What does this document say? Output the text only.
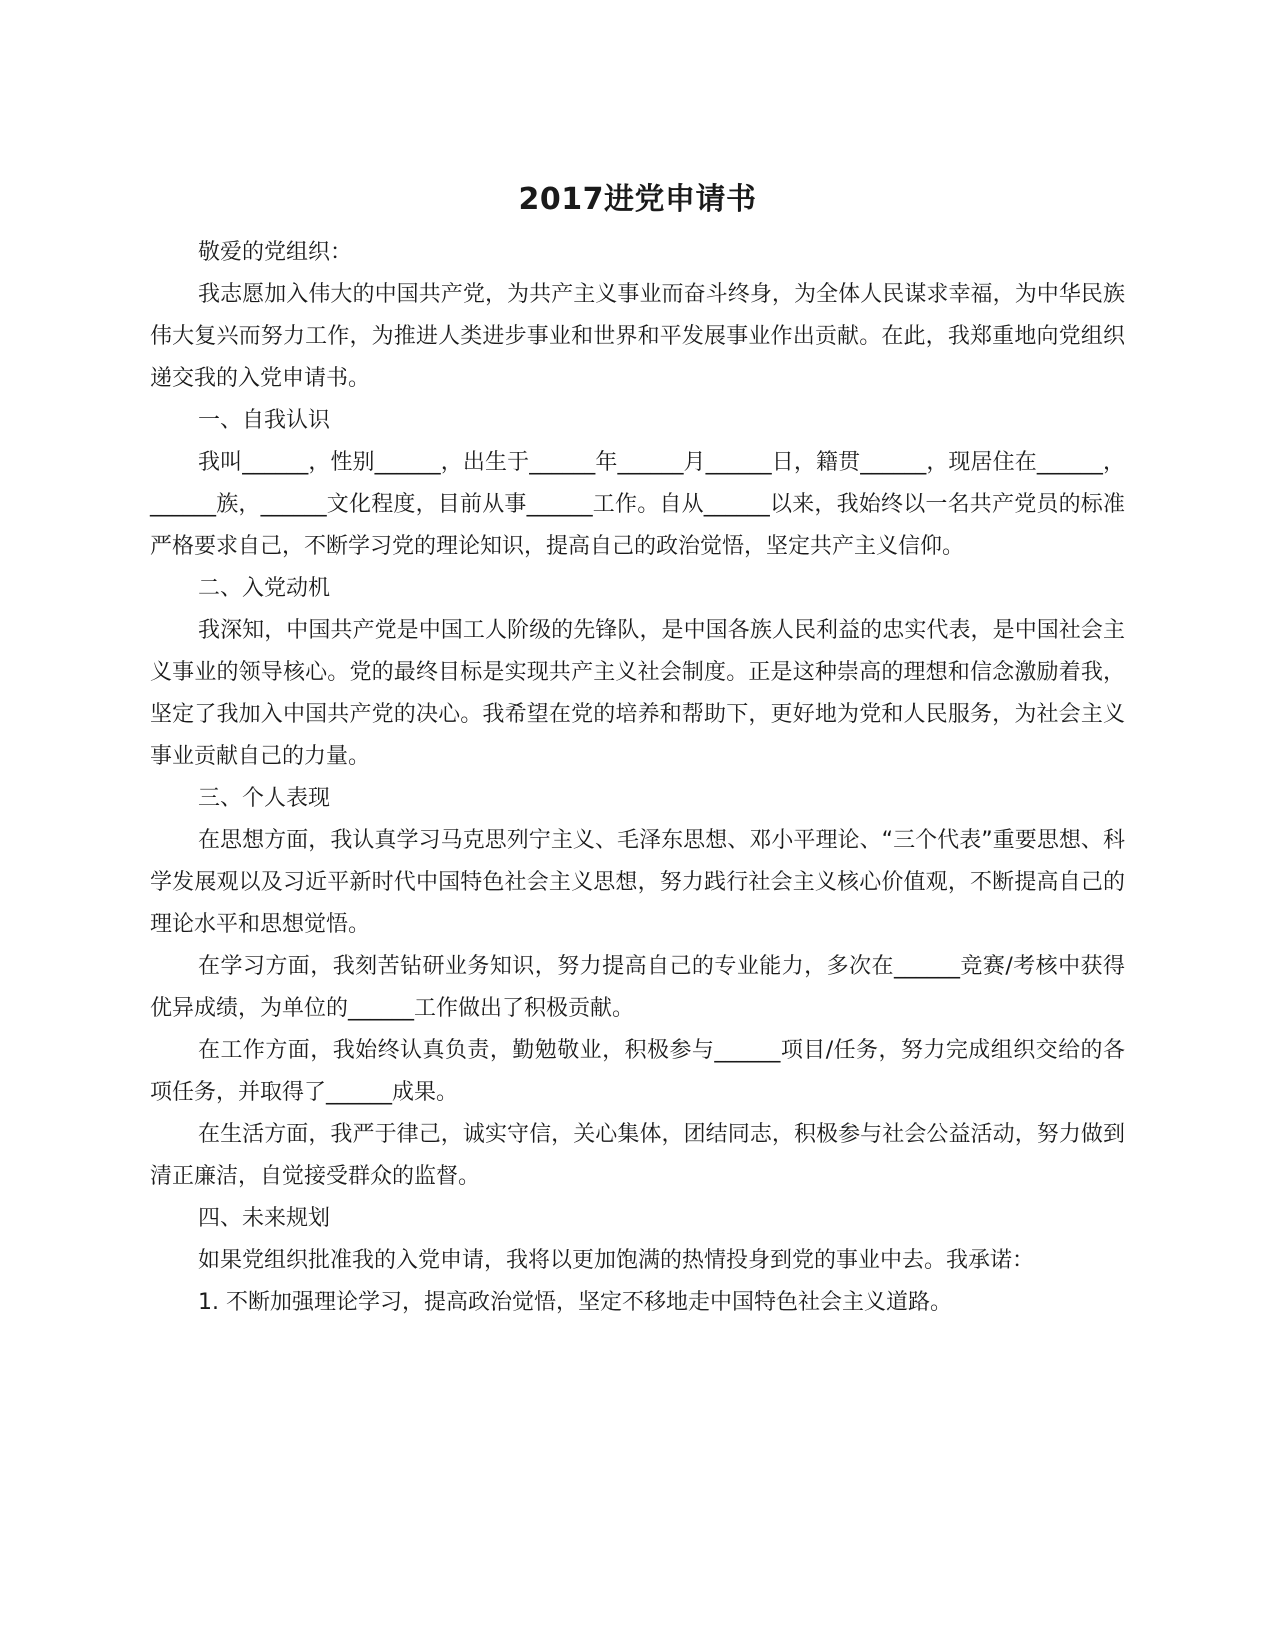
2017进党申请书

敬爱的党组织：

我志愿加入伟大的中国共产党，为共产主义事业而奋斗终身，为全体人民谋求幸福，为中华民族伟大复兴而努力工作，为推进人类进步事业和世界和平发展事业作出贡献。在此，我郑重地向党组织递交我的入党申请书。

一、自我认识

我叫______，性别______，出生于______年______月______日，籍贯______，现居住在______，______族，______文化程度，目前从事______工作。自从______以来，我始终以一名共产党员的标准严格要求自己，不断学习党的理论知识，提高自己的政治觉悟，坚定共产主义信仰。

二、入党动机

我深知，中国共产党是中国工人阶级的先锋队，是中国各族人民利益的忠实代表，是中国社会主义事业的领导核心。党的最终目标是实现共产主义社会制度。正是这种崇高的理想和信念激励着我，坚定了我加入中国共产党的决心。我希望在党的培养和帮助下，更好地为党和人民服务，为社会主义事业贡献自己的力量。

三、个人表现

在思想方面，我认真学习马克思列宁主义、毛泽东思想、邓小平理论、“三个代表”重要思想、科学发展观以及习近平新时代中国特色社会主义思想，努力践行社会主义核心价值观，不断提高自己的理论水平和思想觉悟。

在学习方面，我刻苦钻研业务知识，努力提高自己的专业能力，多次在______竞赛/考核中获得优异成绩，为单位的______工作做出了积极贡献。

在工作方面，我始终认真负责，勤勉敬业，积极参与______项目/任务，努力完成组织交给的各项任务，并取得了______成果。

在生活方面，我严于律己，诚实守信，关心集体，团结同志，积极参与社会公益活动，努力做到清正廉洁，自觉接受群众的监督。

四、未来规划

如果党组织批准我的入党申请，我将以更加饱满的热情投身到党的事业中去。我承诺：

1. 不断加强理论学习，提高政治觉悟，坚定不移地走中国特色社会主义道路。
